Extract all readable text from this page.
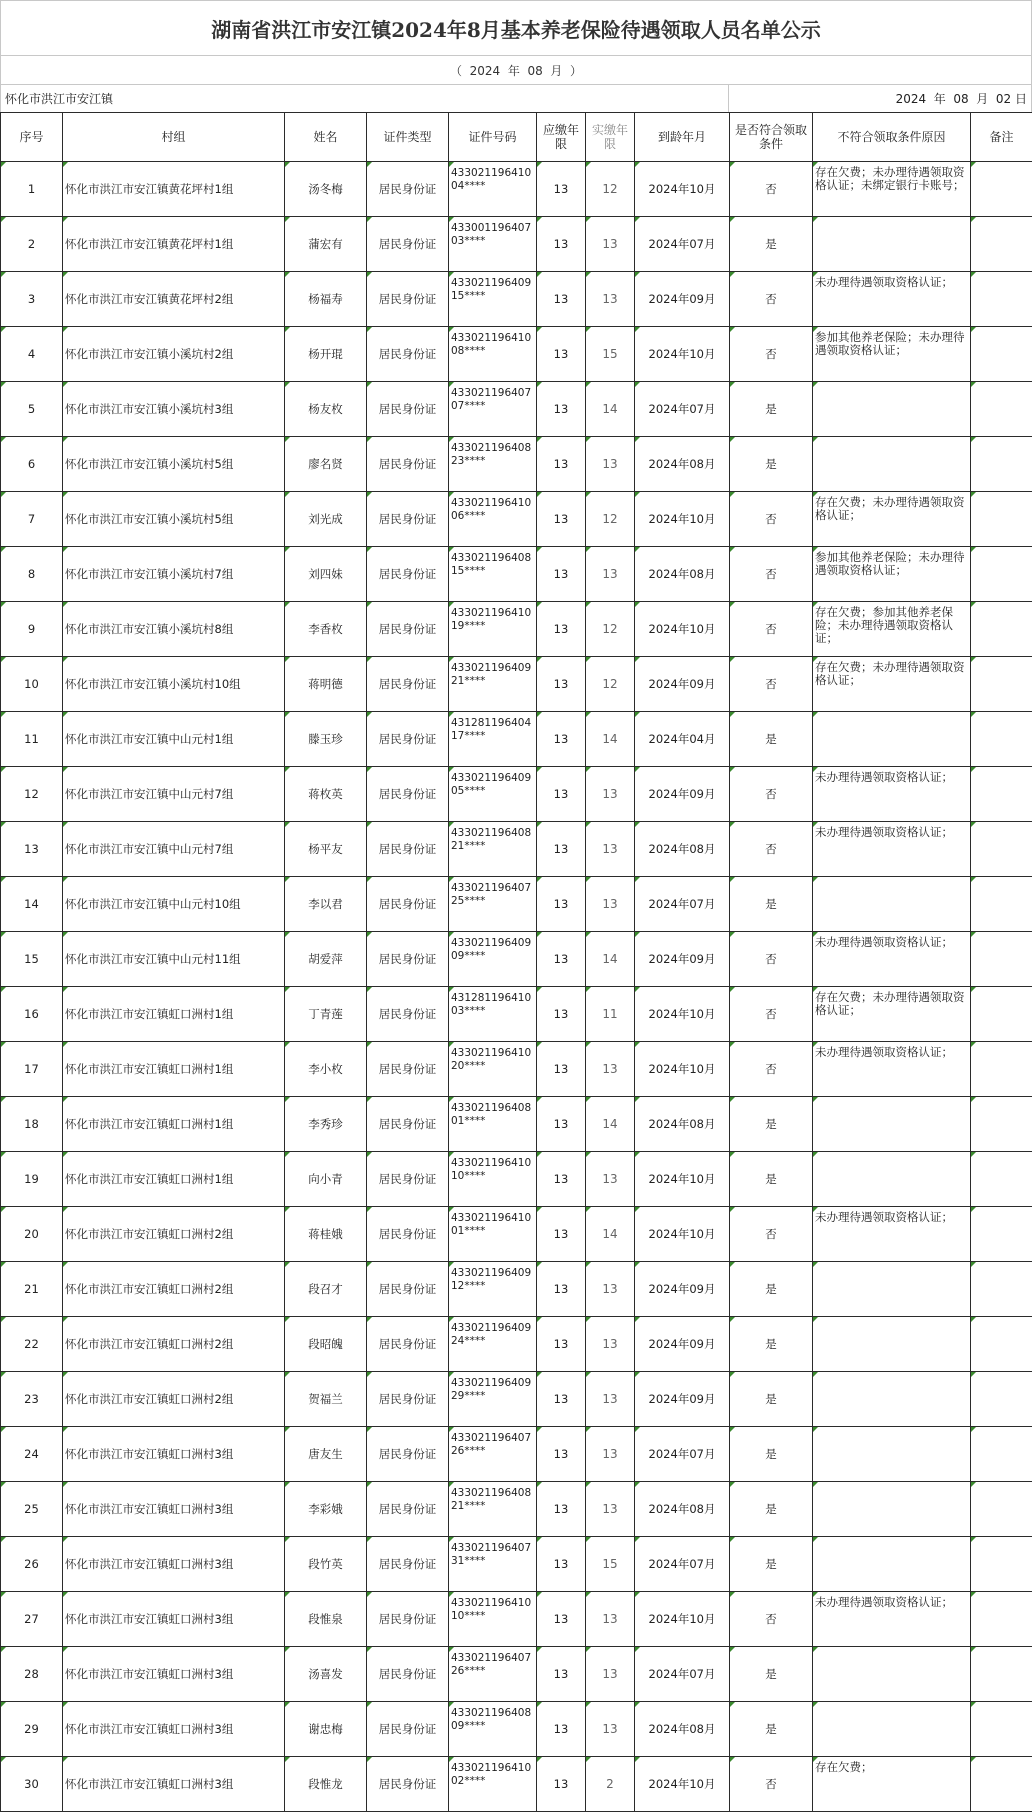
湖南省洪江市安江镇2024年8月基本养老保险待遇领取人员名单公示
（  2024  年  08  月  ）
怀化市洪江市安江镇	2024  年  08  月  02 日
序号	村组	姓名	证件类型	证件号码	应缴年限	实缴年限	到龄年月	是否符合领取条件	不符合领取条件原因	备注
1	怀化市洪江市安江镇黄花坪村1组	汤冬梅	居民身份证	43302119641004****	13	12	2024年10月	否	存在欠费；未办理待遇领取资格认证；未绑定银行卡账号；	
2	怀化市洪江市安江镇黄花坪村1组	蒲宏有	居民身份证	43300119640703****	13	13	2024年07月	是		
3	怀化市洪江市安江镇黄花坪村2组	杨福寿	居民身份证	43302119640915****	13	13	2024年09月	否	未办理待遇领取资格认证；	
4	怀化市洪江市安江镇小溪坑村2组	杨开琨	居民身份证	43302119641008****	13	15	2024年10月	否	参加其他养老保险；未办理待遇领取资格认证；	
5	怀化市洪江市安江镇小溪坑村3组	杨友枚	居民身份证	43302119640707****	13	14	2024年07月	是		
6	怀化市洪江市安江镇小溪坑村5组	廖名贤	居民身份证	43302119640823****	13	13	2024年08月	是		
7	怀化市洪江市安江镇小溪坑村5组	刘光成	居民身份证	43302119641006****	13	12	2024年10月	否	存在欠费；未办理待遇领取资格认证；	
8	怀化市洪江市安江镇小溪坑村7组	刘四妹	居民身份证	43302119640815****	13	13	2024年08月	否	参加其他养老保险；未办理待遇领取资格认证；	
9	怀化市洪江市安江镇小溪坑村8组	李香枚	居民身份证	43302119641019****	13	12	2024年10月	否	存在欠费；参加其他养老保险；未办理待遇领取资格认证；	
10	怀化市洪江市安江镇小溪坑村10组	蒋明德	居民身份证	43302119640921****	13	12	2024年09月	否	存在欠费；未办理待遇领取资格认证；	
11	怀化市洪江市安江镇中山元村1组	滕玉珍	居民身份证	43128119640417****	13	14	2024年04月	是		
12	怀化市洪江市安江镇中山元村7组	蒋枚英	居民身份证	43302119640905****	13	13	2024年09月	否	未办理待遇领取资格认证；	
13	怀化市洪江市安江镇中山元村7组	杨平友	居民身份证	43302119640821****	13	13	2024年08月	否	未办理待遇领取资格认证；	
14	怀化市洪江市安江镇中山元村10组	李以君	居民身份证	43302119640725****	13	13	2024年07月	是		
15	怀化市洪江市安江镇中山元村11组	胡爱萍	居民身份证	43302119640909****	13	14	2024年09月	否	未办理待遇领取资格认证；	
16	怀化市洪江市安江镇虹口洲村1组	丁青莲	居民身份证	43128119641003****	13	11	2024年10月	否	存在欠费；未办理待遇领取资格认证；	
17	怀化市洪江市安江镇虹口洲村1组	李小枚	居民身份证	43302119641020****	13	13	2024年10月	否	未办理待遇领取资格认证；	
18	怀化市洪江市安江镇虹口洲村1组	李秀珍	居民身份证	43302119640801****	13	14	2024年08月	是		
19	怀化市洪江市安江镇虹口洲村1组	向小青	居民身份证	43302119641010****	13	13	2024年10月	是		
20	怀化市洪江市安江镇虹口洲村2组	蒋桂娥	居民身份证	43302119641001****	13	14	2024年10月	否	未办理待遇领取资格认证；	
21	怀化市洪江市安江镇虹口洲村2组	段召才	居民身份证	43302119640912****	13	13	2024年09月	是		
22	怀化市洪江市安江镇虹口洲村2组	段昭魄	居民身份证	43302119640924****	13	13	2024年09月	是		
23	怀化市洪江市安江镇虹口洲村2组	贺福兰	居民身份证	43302119640929****	13	13	2024年09月	是		
24	怀化市洪江市安江镇虹口洲村3组	唐友生	居民身份证	43302119640726****	13	13	2024年07月	是		
25	怀化市洪江市安江镇虹口洲村3组	李彩娥	居民身份证	43302119640821****	13	13	2024年08月	是		
26	怀化市洪江市安江镇虹口洲村3组	段竹英	居民身份证	43302119640731****	13	15	2024年07月	是		
27	怀化市洪江市安江镇虹口洲村3组	段惟泉	居民身份证	43302119641010****	13	13	2024年10月	否	未办理待遇领取资格认证；	
28	怀化市洪江市安江镇虹口洲村3组	汤喜发	居民身份证	43302119640726****	13	13	2024年07月	是		
29	怀化市洪江市安江镇虹口洲村3组	谢忠梅	居民身份证	43302119640809****	13	13	2024年08月	是		
30	怀化市洪江市安江镇虹口洲村3组	段惟龙	居民身份证	43302119641002****	13	2	2024年10月	否	存在欠费；	
